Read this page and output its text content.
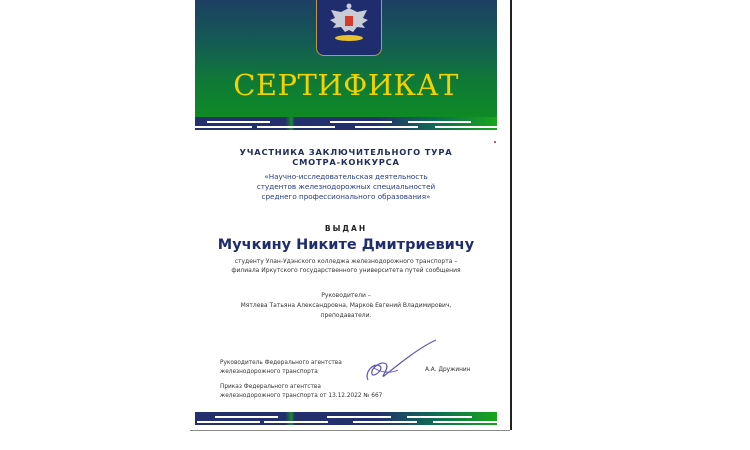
СЕРТИФИКАТ
УЧАСТНИКА ЗАКЛЮЧИТЕЛЬНОГО ТУРА
СМОТРА-КОНКУРСА
«Научно-исследовательская деятельность
студентов железнодорожных специальностей
среднего профессионального образования»
ВЫДАН
Мучкину Никите Дмитриевичу
студенту Улан-Удэнского колледжа железнодорожного транспорта –
филиала Иркутского государственного университета путей сообщения
Руководители –
Мятлева Татьяна Александровна, Марков Евгений Владимирович,
преподаватели.
Руководитель Федерального агентства
железнодорожного транспорта	А.А. Дружинин
Приказ Федерального агентства
железнодорожного транспорта от 13.12.2022 № 667
